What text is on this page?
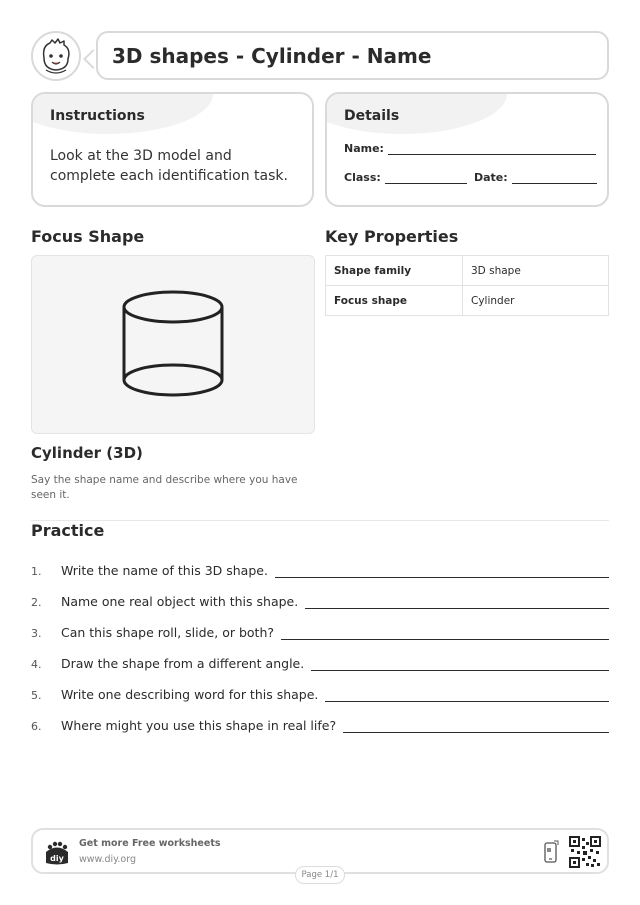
3D shapes - Cylinder - Name
Instructions

Look at the 3D model and complete each identification task.

Details
Name:
Class:	Date:
Focus Shape
Cylinder (3D)
Say the shape name and describe where you have seen it.
Key Properties
Shape family	3D shape
Focus shape	Cylinder
Practice
1.	Write the name of this 3D shape.
2.	Name one real object with this shape.
3.	Can this shape roll, slide, or both?
4.	Draw the shape from a different angle.
5.	Write one describing word for this shape.
6.	Where might you use this shape in real life?
diy
Get more Free worksheets
www.diy.org
Page 1/1
